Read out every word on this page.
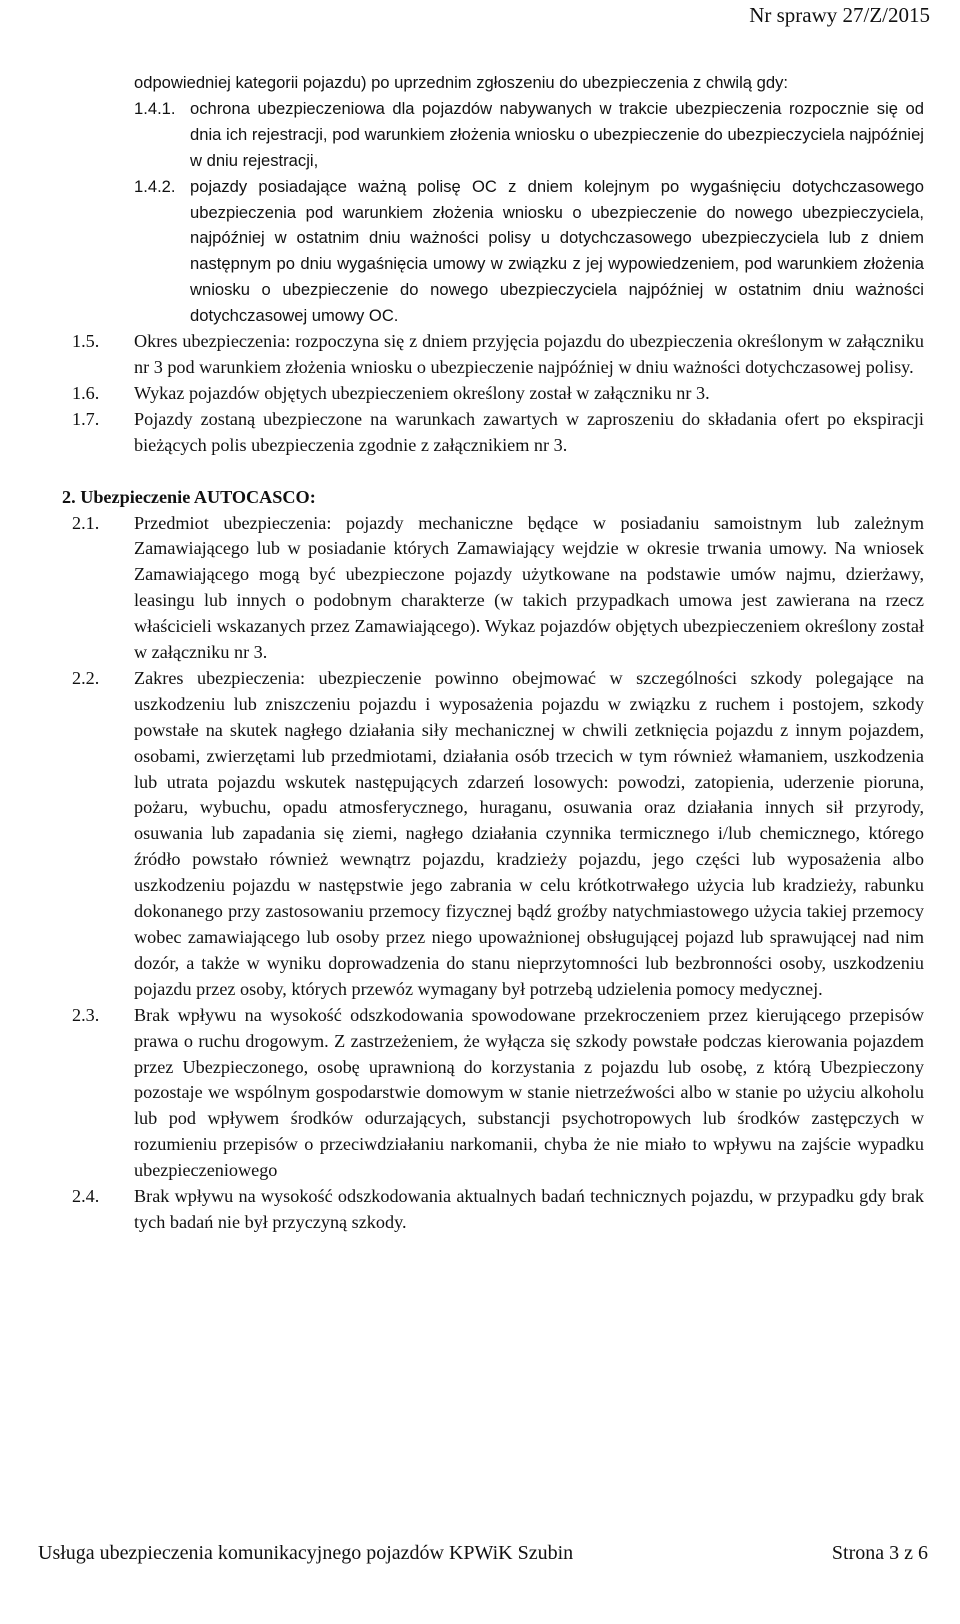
Nr sprawy 27/Z/2015

odpowiedniej kategorii pojazdu) po uprzednim zgłoszeniu do ubezpieczenia z chwilą gdy:

1.4.1. ochrona ubezpieczeniowa dla pojazdów nabywanych w trakcie ubezpieczenia rozpocznie się od dnia ich rejestracji, pod warunkiem złożenia wniosku o ubezpieczenie do ubezpieczyciela najpóźniej w dniu rejestracji,
1.4.2. pojazdy posiadające ważną polisę OC z dniem kolejnym po wygaśnięciu dotychczasowego ubezpieczenia pod warunkiem złożenia wniosku o ubezpieczenie do nowego ubezpieczyciela, najpóźniej w ostatnim dniu ważności polisy u dotychczasowego ubezpieczyciela lub z dniem następnym po dniu wygaśnięcia umowy w związku z jej wypowiedzeniem, pod warunkiem złożenia wniosku o ubezpieczenie do nowego ubezpieczyciela najpóźniej w ostatnim dniu ważności dotychczasowej umowy OC.
1.5. Okres ubezpieczenia: rozpoczyna się z dniem przyjęcia pojazdu do ubezpieczenia określonym w załączniku nr 3 pod warunkiem złożenia wniosku o ubezpieczenie najpóźniej w dniu ważności dotychczasowej polisy.
1.6. Wykaz pojazdów objętych ubezpieczeniem określony został w załączniku nr 3.
1.7. Pojazdy zostaną ubezpieczone na warunkach zawartych w zaproszeniu do składania ofert po ekspiracji bieżących polis ubezpieczenia zgodnie z załącznikiem nr 3.
2. Ubezpieczenie AUTOCASCO:
2.1. Przedmiot ubezpieczenia: pojazdy mechaniczne będące w posiadaniu samoistnym lub zależnym Zamawiającego lub w posiadanie których Zamawiający wejdzie w okresie trwania umowy. Na wniosek Zamawiającego mogą być ubezpieczone pojazdy użytkowane na podstawie umów najmu, dzierżawy, leasingu lub innych o podobnym charakterze (w takich przypadkach umowa jest zawierana na rzecz właścicieli wskazanych przez Zamawiającego). Wykaz pojazdów objętych ubezpieczeniem określony został w załączniku nr 3.
2.2. Zakres ubezpieczenia: ubezpieczenie powinno obejmować w szczególności szkody polegające na uszkodzeniu lub zniszczeniu pojazdu i wyposażenia pojazdu w związku z ruchem i postojem, szkody powstałe na skutek nagłego działania siły mechanicznej w chwili zetknięcia pojazdu z innym pojazdem, osobami, zwierzętami lub przedmiotami, działania osób trzecich w tym również włamaniem, uszkodzenia lub utrata pojazdu wskutek następujących zdarzeń losowych: powodzi, zatopienia, uderzenie pioruna, pożaru, wybuchu, opadu atmosferycznego, huraganu, osuwania oraz działania innych sił przyrody, osuwania lub zapadania się ziemi, nagłego działania czynnika termicznego i/lub chemicznego, którego źródło powstało również wewnątrz pojazdu, kradzieży pojazdu, jego części lub wyposażenia albo uszkodzeniu pojazdu w następstwie jego zabrania w celu krótkotrwałego użycia lub kradzieży, rabunku dokonanego przy zastosowaniu przemocy fizycznej bądź groźby natychmiastowego użycia takiej przemocy wobec zamawiającego lub osoby przez niego upoważnionej obsługującej pojazd lub sprawującej nad nim dozór, a także w wyniku doprowadzenia do stanu nieprzytomności lub bezbronności osoby, uszkodzeniu pojazdu przez osoby, których przewóz wymagany był potrzebą udzielenia pomocy medycznej.
2.3. Brak wpływu na wysokość odszkodowania spowodowane przekroczeniem przez kierującego przepisów prawa o ruchu drogowym. Z zastrzeżeniem, że wyłącza się szkody powstałe podczas kierowania pojazdem przez Ubezpieczonego, osobę uprawnioną do korzystania z pojazdu lub osobę, z którą Ubezpieczony pozostaje we wspólnym gospodarstwie domowym w stanie nietrzeźwości albo w stanie po użyciu alkoholu lub pod wpływem środków odurzających, substancji psychotropowych lub środków zastępczych w rozumieniu przepisów o przeciwdziałaniu narkomanii, chyba że nie miało to wpływu na zajście wypadku ubezpieczeniowego
2.4. Brak wpływu na wysokość odszkodowania aktualnych badań technicznych pojazdu, w przypadku gdy brak tych badań nie był przyczyną szkody.
Usługa ubezpieczenia komunikacyjnego pojazdów KPWiK Szubin	Strona 3 z 6
